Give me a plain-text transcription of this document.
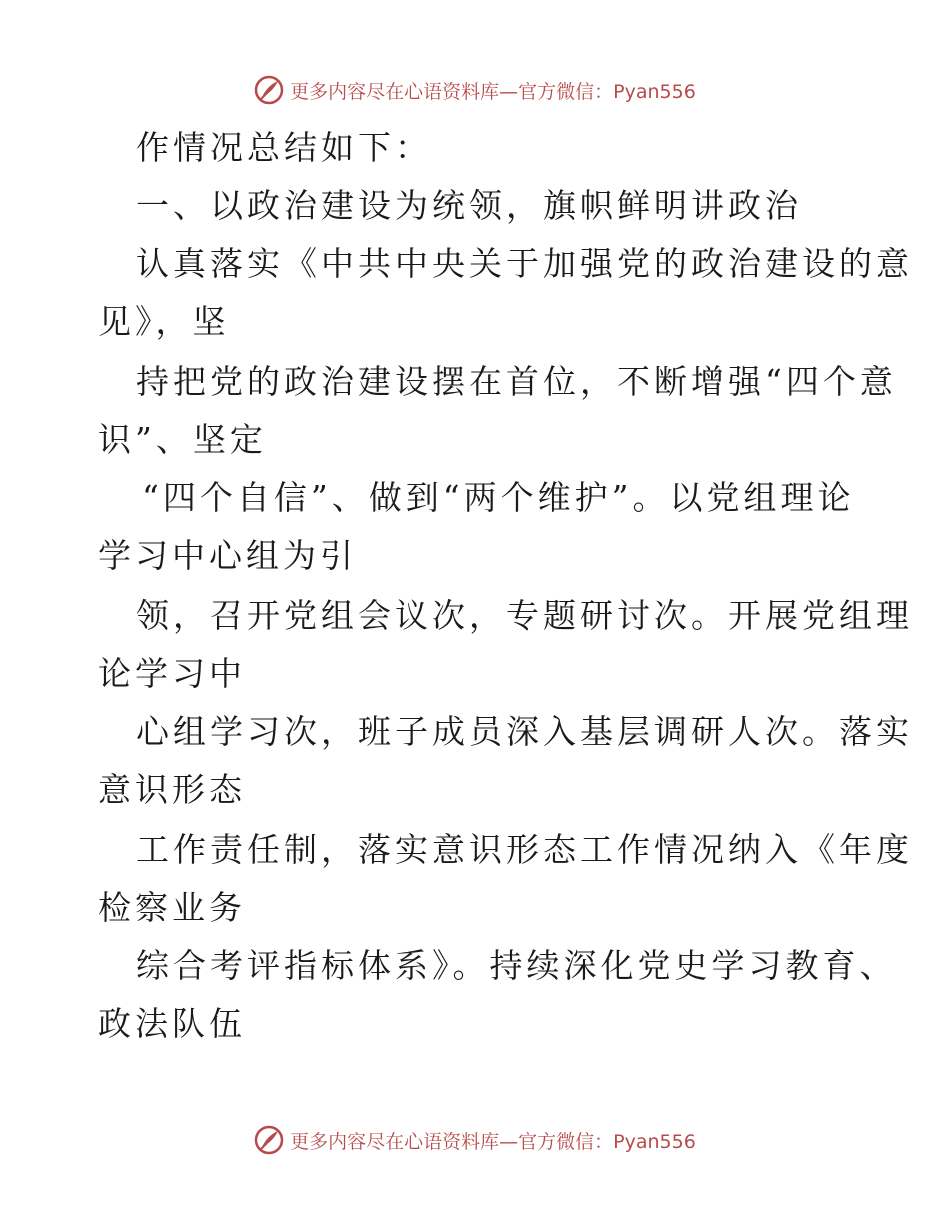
更多内容尽在心语资料库—官方微信：Pyan556
作情况总结如下：
一、以政治建设为统领，旗帜鲜明讲政治
认真落实《中共中央关于加强党的政治建设的意
见》，坚
持把党的政治建设摆在首位，不断增强“四个意
识”、坚定
“四个自信”、做到“两个维护”。以党组理论
学习中心组为引
领，召开党组会议次，专题研讨次。开展党组理
论学习中
心组学习次，班子成员深入基层调研人次。落实
意识形态
工作责任制，落实意识形态工作情况纳入《年度
检察业务
综合考评指标体系》。持续深化党史学习教育、
政法队伍
更多内容尽在心语资料库—官方微信：Pyan556
